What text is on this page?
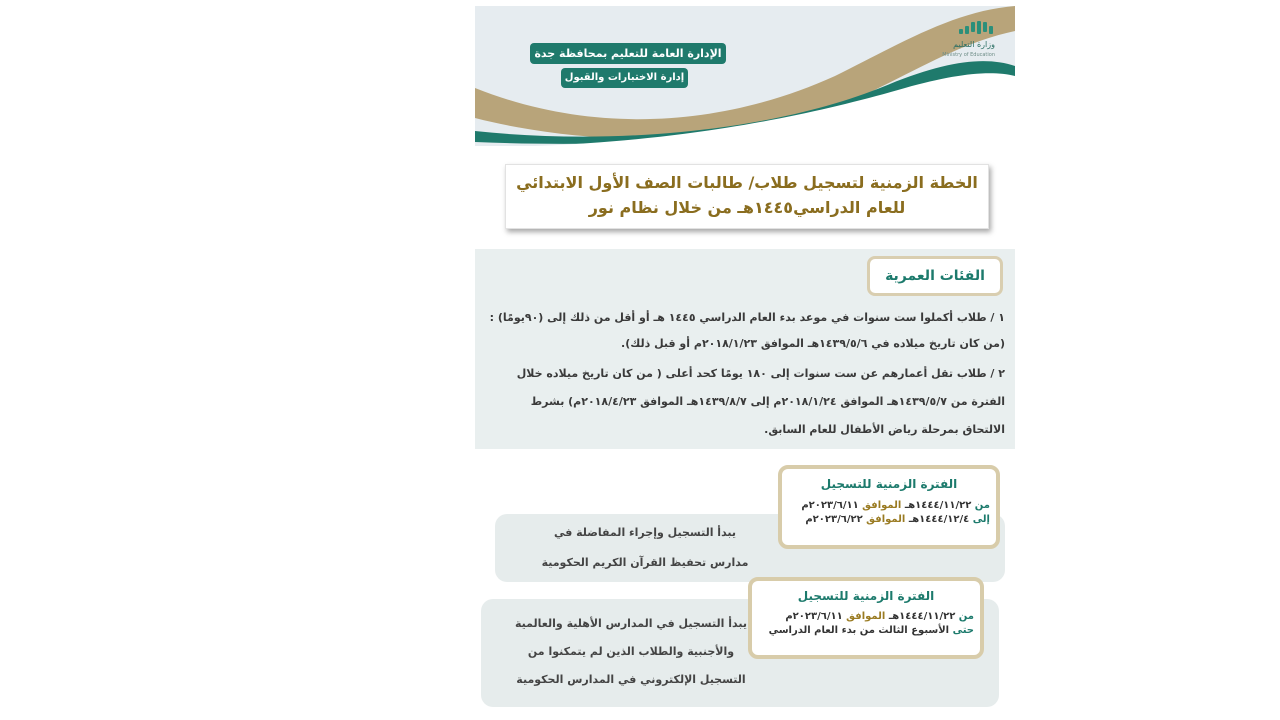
الإدارة العامة للتعليم بمحافظة جدة
إدارة الاختبارات والقبول
وزارة التعليم
Ministry of Education
الخطة الزمنية لتسجيل طلاب/ طالبات الصف الأول الابتدائي
للعام الدراسي١٤٤٥هـ من خلال نظام نور
الفئات العمرية
١ / طلاب أكملوا ست سنوات في موعد بدء العام الدراسي ١٤٤٥ هـ أو أقل من ذلك إلى (٩٠يومًا) :
(من كان تاريخ ميلاده في ١٤٣٩/٥/٦هـ الموافق ٢٠١٨/١/٢٣م أو قبل ذلك).
٢ / طلاب تقل أعمارهم عن ست سنوات إلى ١٨٠ يومًا كحد أعلى ( من كان تاريخ ميلاده خلال
الفترة من ١٤٣٩/٥/٧هـ الموافق ٢٠١٨/١/٢٤م إلى ١٤٣٩/٨/٧هـ الموافق ٢٠١٨/٤/٢٣م) بشرط
الالتحاق بمرحلة رياض الأطفال للعام السابق.
يبدأ التسجيل وإجراء المفاضلة في
مدارس تحفيظ القرآن الكريم الحكومية
الفترة الزمنية للتسجيل
من ١٤٤٤/١١/٢٢هـ الموافق ٢٠٢٣/٦/١١م
إلى ١٤٤٤/١٢/٤هـ الموافق ٢٠٢٣/٦/٢٢م
يبدأ التسجيل في المدارس الأهلية والعالمية
والأجنبية والطلاب الذين لم يتمكنوا من
التسجيل الإلكتروني في المدارس الحكومية
الفترة الزمنية للتسجيل
من ١٤٤٤/١١/٢٢هـ الموافق ٢٠٢٣/٦/١١م
حتى الأسبوع الثالث من بدء العام الدراسي
